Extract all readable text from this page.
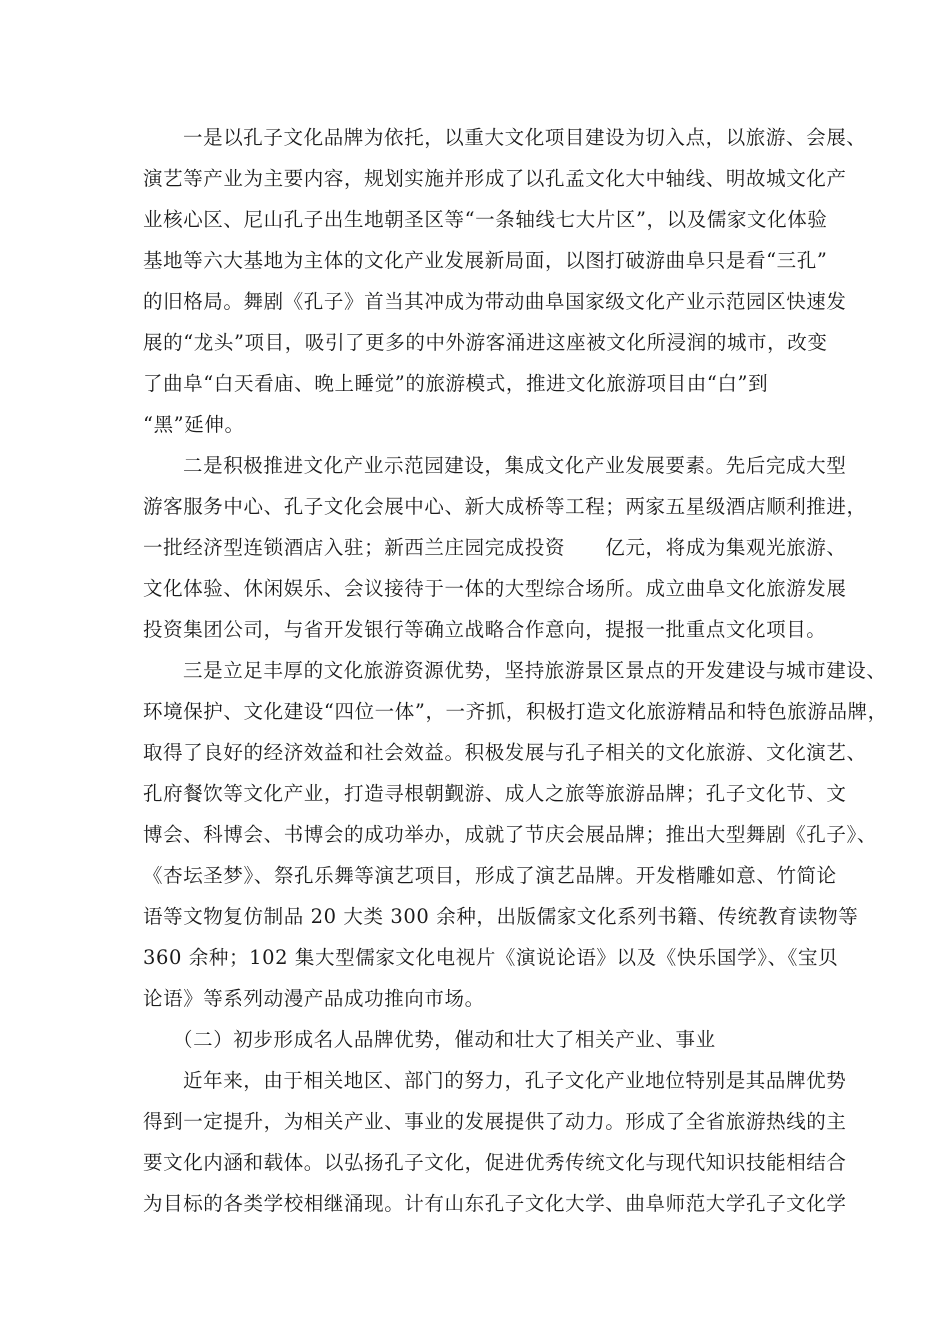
一是以孔子文化品牌为依托，以重大文化项目建设为切入点，以旅游、会展、
演艺等产业为主要内容，规划实施并形成了以孔孟文化大中轴线、明故城文化产
业核心区、尼山孔子出生地朝圣区等“一条轴线七大片区”，以及儒家文化体验
基地等六大基地为主体的文化产业发展新局面，以图打破游曲阜只是看“三孔”
的旧格局。舞剧《孔子》首当其冲成为带动曲阜国家级文化产业示范园区快速发
展的“龙头”项目，吸引了更多的中外游客涌进这座被文化所浸润的城市，改变
了曲阜“白天看庙、晚上睡觉”的旅游模式，推进文化旅游项目由“白”到
“黑”延伸。
二是积极推进文化产业示范园建设，集成文化产业发展要素。先后完成大型
游客服务中心、孔子文化会展中心、新大成桥等工程；两家五星级酒店顺利推进，
一批经济型连锁酒店入驻；新西兰庄园完成投资　　亿元，将成为集观光旅游、
文化体验、休闲娱乐、会议接待于一体的大型综合场所。成立曲阜文化旅游发展
投资集团公司，与省开发银行等确立战略合作意向，提报一批重点文化项目。
三是立足丰厚的文化旅游资源优势，坚持旅游景区景点的开发建设与城市建设、
环境保护、文化建设“四位一体”，一齐抓，积极打造文化旅游精品和特色旅游品牌，
取得了良好的经济效益和社会效益。积极发展与孔子相关的文化旅游、文化演艺、
孔府餐饮等文化产业，打造寻根朝觐游、成人之旅等旅游品牌；孔子文化节、文
博会、科博会、书博会的成功举办，成就了节庆会展品牌；推出大型舞剧《孔子》、
《杏坛圣梦》、祭孔乐舞等演艺项目，形成了演艺品牌。开发楷雕如意、竹简论
语等文物复仿制品 20 大类 300 余种，出版儒家文化系列书籍、传统教育读物等
360 余种；102 集大型儒家文化电视片《演说论语》以及《快乐国学》、《宝贝
论语》等系列动漫产品成功推向市场。
（二）初步形成名人品牌优势，催动和壮大了相关产业、事业
近年来，由于相关地区、部门的努力，孔子文化产业地位特别是其品牌优势
得到一定提升，为相关产业、事业的发展提供了动力。形成了全省旅游热线的主
要文化内涵和载体。以弘扬孔子文化，促进优秀传统文化与现代知识技能相结合
为目标的各类学校相继涌现。计有山东孔子文化大学、曲阜师范大学孔子文化学
